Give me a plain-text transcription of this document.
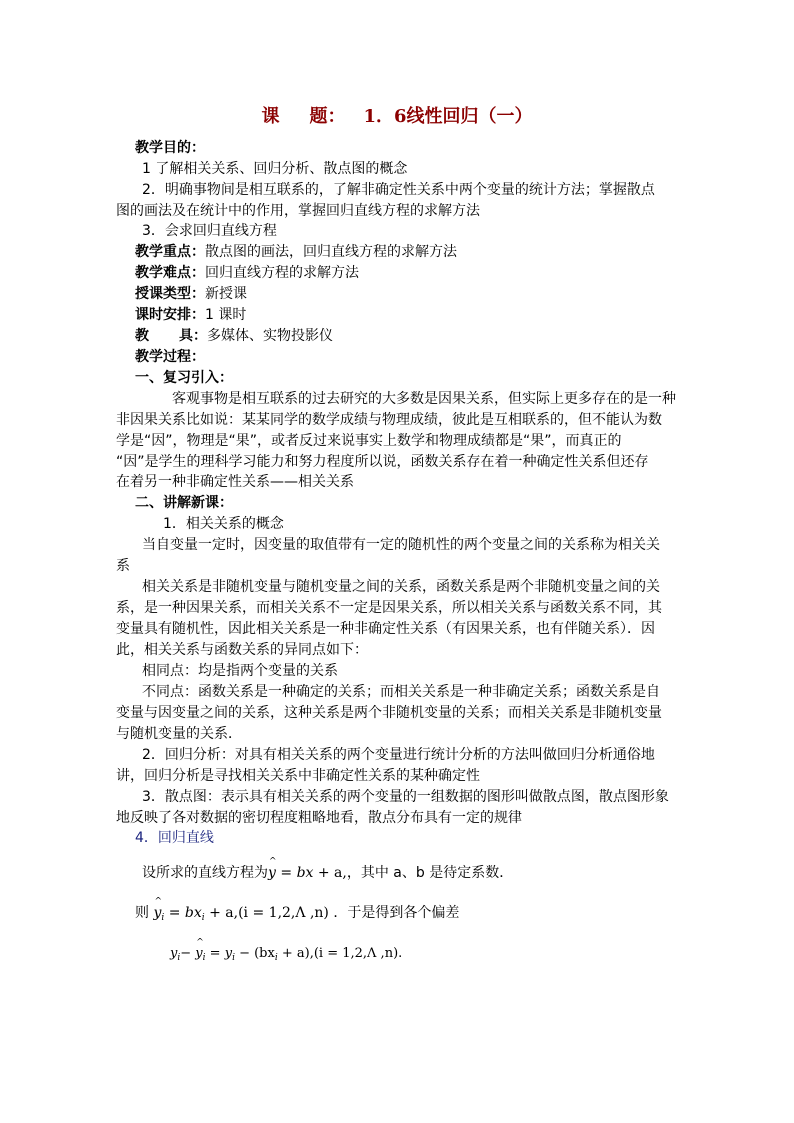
课 题： 1．6线性回归（一）
教学目的：
1 了解相关关系、回归分析、散点图的概念
2．明确事物间是相互联系的，了解非确定性关系中两个变量的统计方法；掌握散点
图的画法及在统计中的作用，掌握回归直线方程的求解方法
3．会求回归直线方程
教学重点：散点图的画法，回归直线方程的求解方法
教学难点：回归直线方程的求解方法
授课类型：新授课
课时安排：1 课时
教 具：多媒体、实物投影仪
教学过程：
一、复习引入：
客观事物是相互联系的过去研究的大多数是因果关系，但实际上更多存在的是一种
非因果关系比如说：某某同学的数学成绩与物理成绩，彼此是互相联系的，但不能认为数
学是“因”，物理是“果”，或者反过来说事实上数学和物理成绩都是“果”，而真正的
“因”是学生的理科学习能力和努力程度所以说，函数关系存在着一种确定性关系但还存
在着另一种非确定性关系——相关关系
二、讲解新课：
1．相关关系的概念
当自变量一定时，因变量的取值带有一定的随机性的两个变量之间的关系称为相关关
系
相关关系是非随机变量与随机变量之间的关系，函数关系是两个非随机变量之间的关
系，是一种因果关系，而相关关系不一定是因果关系，所以相关关系与函数关系不同，其
变量具有随机性，因此相关关系是一种非确定性关系（有因果关系，也有伴随关系）．因
此，相关关系与函数关系的异同点如下：
相同点：均是指两个变量的关系
不同点：函数关系是一种确定的关系；而相关关系是一种非确定关系；函数关系是自
变量与因变量之间的关系，这种关系是两个非随机变量的关系；而相关关系是非随机变量
与随机变量的关系．
2．回归分析：对具有相关关系的两个变量进行统计分析的方法叫做回归分析通俗地
讲，回归分析是寻找相关关系中非确定性关系的某种确定性
3．散点图：表示具有相关关系的两个变量的一组数据的图形叫做散点图，散点图形象
地反映了各对数据的密切程度粗略地看，散点分布具有一定的规律
4．回归直线
设所求的直线方程为^ y = bx + a,，其中 a、b 是待定系数．
则 ^ $y_i = bx_i + a,(i = 1,2,\Lambda$ ,n) ．于是得到各个偏差
$y_i-$ ^ $y_i = y_i - (bx_i + a),(i = 1,2,\Lambda$ ,n).
